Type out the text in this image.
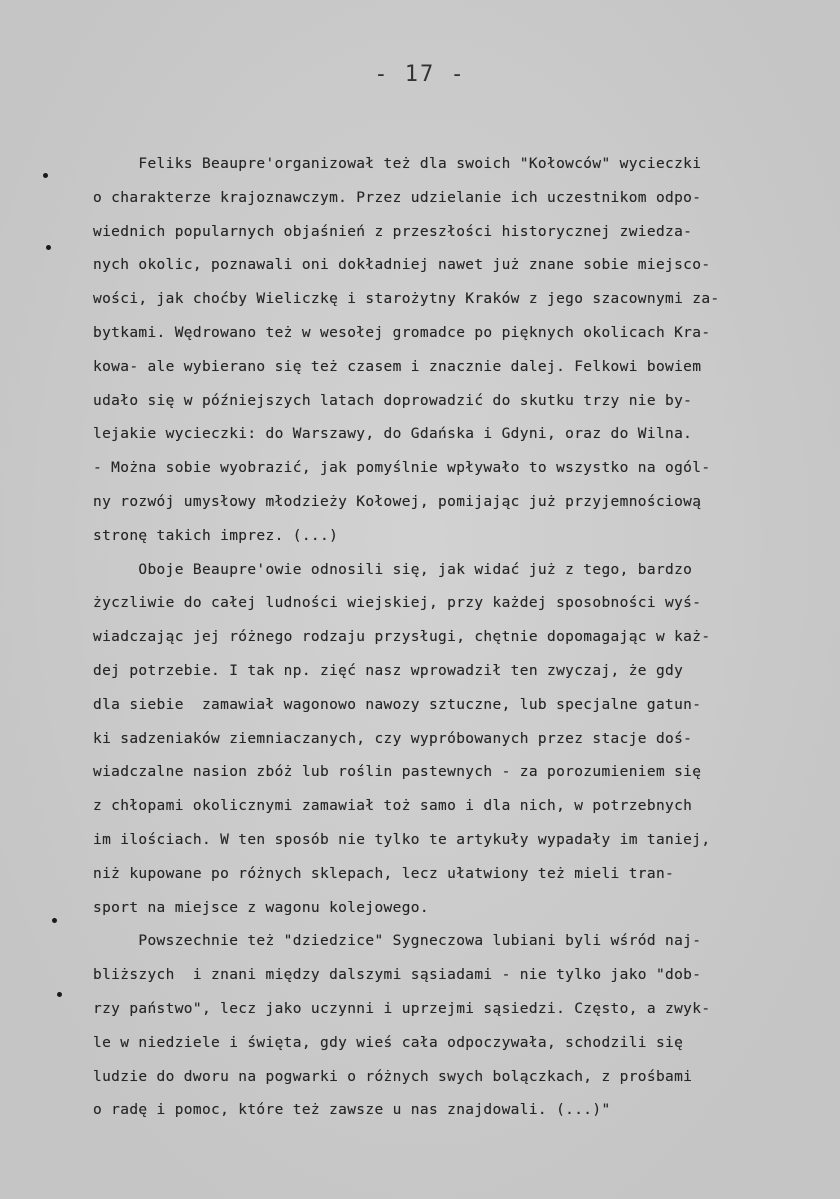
- 17 -
Feliks Beaupre'organizował też dla swoich "Kołowców" wycieczki
o charakterze krajoznawczym. Przez udzielanie ich uczestnikom odpo-
wiednich popularnych objaśnień z przeszłości historycznej zwiedza-
nych okolic, poznawali oni dokładniej nawet już znane sobie miejsco-
wości, jak choćby Wieliczkę i starożytny Kraków z jego szacownymi za-
bytkami. Wędrowano też w wesołej gromadce po pięknych okolicach Kra-
kowa- ale wybierano się też czasem i znacznie dalej. Felkowi bowiem
udało się w późniejszych latach doprowadzić do skutku trzy nie by-
lejakie wycieczki: do Warszawy, do Gdańska i Gdyni, oraz do Wilna.
- Można sobie wyobrazić, jak pomyślnie wpływało to wszystko na ogól-
ny rozwój umysłowy młodzieży Kołowej, pomijając już przyjemnościową
stronę takich imprez. (...)
Oboje Beaupre'owie odnosili się, jak widać już z tego, bardzo
życzliwie do całej ludności wiejskiej, przy każdej sposobności wyś-
wiadczając jej różnego rodzaju przysługi, chętnie dopomagając w każ-
dej potrzebie. I tak np. zięć nasz wprowadził ten zwyczaj, że gdy
dla siebie  zamawiał wagonowo nawozy sztuczne, lub specjalne gatun-
ki sadzeniaków ziemniaczanych, czy wypróbowanych przez stacje doś-
wiadczalne nasion zbóż lub roślin pastewnych - za porozumieniem się
z chłopami okolicznymi zamawiał toż samo i dla nich, w potrzebnych
im ilościach. W ten sposób nie tylko te artykuły wypadały im taniej,
niż kupowane po różnych sklepach, lecz ułatwiony też mieli tran-
sport na miejsce z wagonu kolejowego.
Powszechnie też "dziedzice" Sygneczowa lubiani byli wśród naj-
bliższych  i znani między dalszymi sąsiadami - nie tylko jako "dob-
rzy państwo", lecz jako uczynni i uprzejmi sąsiedzi. Często, a zwyk-
le w niedziele i święta, gdy wieś cała odpoczywała, schodzili się
ludzie do dworu na pogwarki o różnych swych bolączkach, z prośbami
o radę i pomoc, które też zawsze u nas znajdowali. (...)"
